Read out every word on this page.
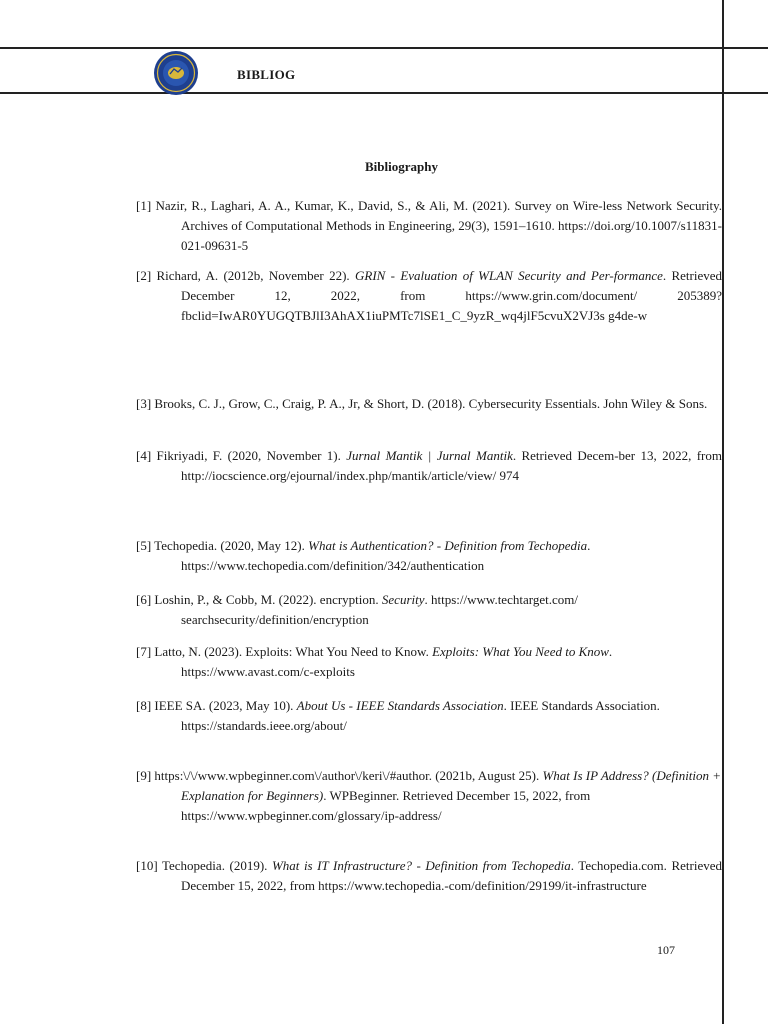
BIBLIOG
Bibliography
[1] Nazir, R., Laghari, A. A., Kumar, K., David, S., & Ali, M. (2021). Survey on Wire-less Network Security. Archives of Computational Methods in Engineering, 29(3), 1591–1610. https://doi.org/10.1007/s11831-021-09631-5
[2] Richard, A. (2012b, November 22). GRIN - Evaluation of WLAN Security and Per-formance. Retrieved December 12, 2022, from https://www.grin.com/document/ 205389? fbclid=IwAR0YUGQTBJlI3AhAX1iuPMTc7lSE1_C_9yzR_wq4jlF5cvuX2VJ3s g4de-w
[3] Brooks, C. J., Grow, C., Craig, P. A., Jr, & Short, D. (2018). Cybersecurity Essentials. John Wiley & Sons.
[4] Fikriyadi, F. (2020, November 1). Jurnal Mantik | Jurnal Mantik. Retrieved Decem-ber 13, 2022, from http://iocscience.org/ejournal/index.php/mantik/article/view/ 974
[5] Techopedia. (2020, May 12). What is Authentication? - Definition from Techopedia. https://www.techopedia.com/definition/342/authentication
[6] Loshin, P., & Cobb, M. (2022). encryption. Security. https://www.techtarget.com/ searchsecurity/definition/encryption
[7] Latto, N. (2023). Exploits: What You Need to Know. Exploits: What You Need to Know. https://www.avast.com/c-exploits
[8] IEEE SA. (2023, May 10). About Us - IEEE Standards Association. IEEE Standards Association. https://standards.ieee.org/about/
[9] https:\/\/www.wpbeginner.com\/author\/keri\/#author. (2021b, August 25). What Is IP Address? (Definition + Explanation for Beginners). WPBeginner. Retrieved December 15, 2022, from https://www.wpbeginner.com/glossary/ip-address/
[10] Techopedia. (2019). What is IT Infrastructure? - Definition from Techopedia. Techopedia.com. Retrieved December 15, 2022, from https://www.techopedia.-com/definition/29199/it-infrastructure
107
